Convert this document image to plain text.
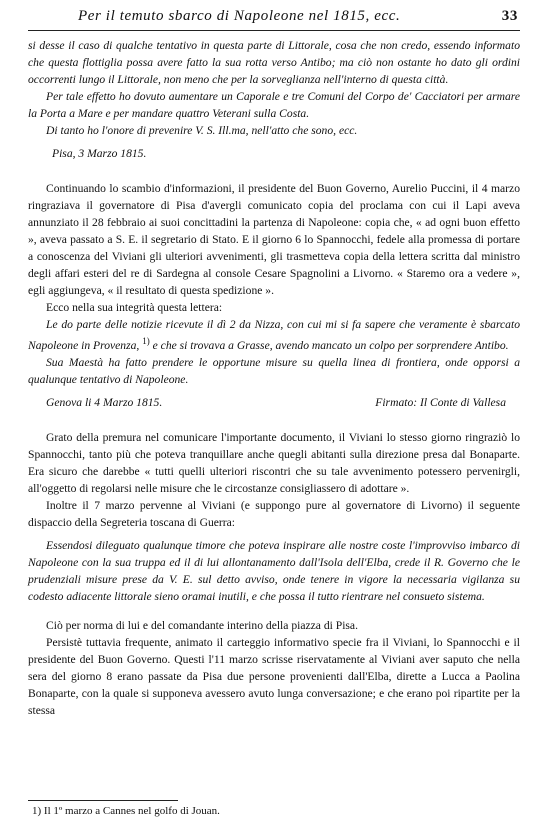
Per il temuto sbarco di Napoleone nel 1815, ecc.	33

si desse il caso di qualche tentativo in questa parte di Littorale, cosa che non credo, essendo informato che questa flottiglia possa avere fatto la sua rotta verso Antibo; ma ciò non ostante ho dato gli ordini occorrenti lungo il Littorale, non meno che per la sorveglianza nell'interno di questa città.

Per tale effetto ho dovuto aumentare un Caporale e tre Comuni del Corpo de' Cacciatori per armare la Porta a Mare e per mandare quattro Veterani sulla Costa.

Di tanto ho l'onore di prevenire V. S. Ill.ma, nell'atto che sono, ecc.

Pisa, 3 Marzo 1815.

Continuando lo scambio d'informazioni, il presidente del Buon Governo, Aurelio Puccini, il 4 marzo ringraziava il governatore di Pisa d'avergli comunicato copia del proclama con cui il Lapi aveva annunziato il 28 febbraio ai suoi concittadini la partenza di Napoleone: copia che, « ad ogni buon effetto », aveva passato a S. E. il segretario di Stato. E il giorno 6 lo Spannocchi, fedele alla promessa di portare a conoscenza del Viviani gli ulteriori avvenimenti, gli trasmetteva copia della lettera scritta dal ministro degli affari esteri del re di Sardegna al console Cesare Spagnolini a Livorno. « Staremo ora a vedere », egli aggiungeva, « il resultato di questa spedizione ».

Ecco nella sua integrità questa lettera:

Le do parte delle notizie ricevute il dì 2 da Nizza, con cui mi si fa sapere che veramente è sbarcato Napoleone in Provenza, $^{1)}$ e che si trovava a Grasse, avendo mancato un colpo per sorprendere Antibo.

Sua Maestà ha fatto prendere le opportune misure su quella linea di frontiera, onde opporsi a qualunque tentativo di Napoleone.

Genova li 4 Marzo 1815.	Firmato: Il Conte di Vallesa

Grato della premura nel comunicare l'importante documento, il Viviani lo stesso giorno ringraziò lo Spannocchi, tanto più che poteva tranquillare anche quegli abitanti sulla direzione presa dal Bonaparte. Era sicuro che darebbe « tutti quelli ulteriori riscontri che su tale avvenimento potessero pervenirgli, all'oggetto di regolarsi nelle misure che le circostanze consigliassero di adottare ».

Inoltre il 7 marzo pervenne al Viviani (e suppongo pure al governatore di Livorno) il seguente dispaccio della Segreteria toscana di Guerra:

Essendosi dileguato qualunque timore che poteva inspirare alle nostre coste l'improvviso imbarco di Napoleone con la sua truppa ed il di lui allontanamento dall'Isola dell'Elba, crede il R. Governo che le prudenziali misure prese da V. E. sul detto avviso, onde tenere in vigore la necessaria vigilanza su codesto adiacente littorale sieno oramai inutili, e che possa il tutto rientrare nel consueto sistema.

Ciò per norma di lui e del comandante interino della piazza di Pisa.

Persistè tuttavia frequente, animato il carteggio informativo specie fra il Viviani, lo Spannocchi e il presidente del Buon Governo. Questi l'11 marzo scrisse riservatamente al Viviani aver saputo che nella sera del giorno 8 erano passate da Pisa due persone provenienti dall'Elba, dirette a Lucca a Paolina Bonaparte, con la quale si supponeva avessero avuto lunga conversazione; e che erano poi ripartite per la stessa

1) Il 1º marzo a Cannes nel golfo di Jouan.
